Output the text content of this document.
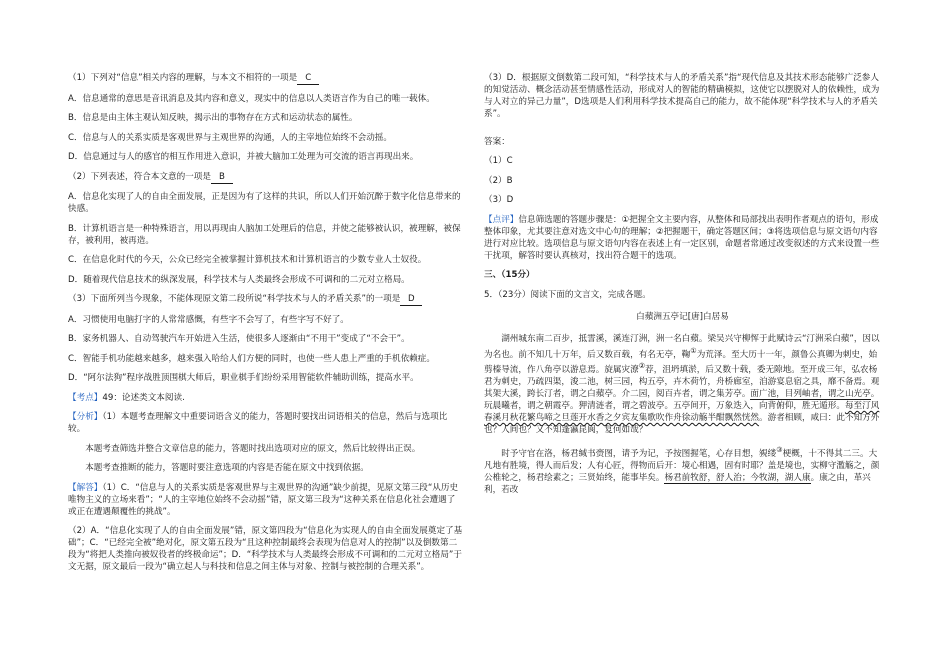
（1）下列对“信息”相关内容的理解，与本文不相符的一项是 C

A．信息通常的意思是音讯消息及其内容和意义，现实中的信息以人类语言作为自己的唯一载体。

B．信息是由主体主观认知反映，揭示出的事物存在方式和运动状态的属性。

C．信息与人的关系实质是客观世界与主观世界的沟通，人的主宰地位始终不会动摇。

D．信息通过与人的感官的相互作用进入意识，并被大脑加工处理为可交流的语言再现出来。

（2）下列表述，符合本文意的一项是 B

A．信息化实现了人的自由全面发展，正是因为有了这样的共识，所以人们开始沉醉于数字化信息带来的快感。

B．计算机语言是一种特殊语言，用以再现由人脑加工处理后的信息，并使之能够被认识，被理解，被保存，被利用，被再造。

C．在信息化时代的今天，公众已经完全被掌握计算机技术和计算机语言的少数专业人士奴役。

D．随着现代信息技术的纵深发展，科学技术与人类最终会形成不可调和的二元对立格局。

（3）下面所列当今现象，不能体现原文第二段所说“科学技术与人的矛盾关系”的一项是 D

A．习惯使用电脑打字的人常常感慨，有些字不会写了，有些字写不好了。

B．家务机器人、自动驾驶汽车开始进入生活，使很多人逐渐由“不用干”变成了“不会干”。

C．智能手机功能越来越多，越来强入哈给人们方便的同时，也使一些人患上严重的手机依赖症。

D．“阿尔法狗”程序战胜顶围棋大师后，职业棋手们纷纷采用智能软件辅助训练，提高水平。

【考点】49：论述类文本阅读.

【分析】（1）本题考查理解文中重要词语含义的能力，答题时要找出词语相关的信息，然后与选项比较。

本题考查筛选并整合文章信息的能力，答题时找出选项对应的原文，然后比较得出正误。

本题考查推断的能力，答题时要注意选项的内容是否能在原文中找到依据。

【解答】（1）C．“信息与人的关系实质是客观世界与主观世界的沟通”缺少前提，见原文第三段“从历史唯物主义的立场来看”；“人的主宰地位始终不会动摇”错，原文第三段为“这种关系在信息化社会遭遇了或正在遭遇颠覆性的挑战”。

（2）A．“信息化实现了人的自由全面发展”错，原文第四段为“信息化为实现人的自由全面发展奠定了基础”；C．“已经完全被”绝对化，原文第五段为“且这种控制最终会表现为信息对人的控制”以及倒数第二段为“将把人类推向被奴役者的终极命运”；D．“科学技术与人类最终会形成不可调和的二元对立格局”于文无据，原文最后一段为“确立起人与科技和信息之间主体与对象、控制与被控制的合理关系”。

（3）D．根据原文倒数第二段可知，“科学技术与人的矛盾关系”指“现代信息及其技术形态能够广泛参人的知觉活动、概念活动甚至情感性活动，形成对人的智能的精确模拟，这使它以摆脱对人的依赖性，成为与人对立的异己力量”，D选项是人们利用科学技术提高自己的能力，故不能体现“科学技术与人的矛盾关系”。

答案：

（1）C

（2）B

（3）D

【点评】信息筛选题的答题步骤是：①把握全文主要内容，从整体和局部找出表明作者观点的语句，形成整体印象，尤其要注意对选文中心句的理解；②把握题干，确定答题区间；③将选项信息与原文语句内容进行对应比较。选项信息与原文语句内容在表述上有一定区别，命题者常通过改变叙述的方式来设置一些干扰项，解答时要认真核对，找出符合题干的选项。

三、（15分）

5．（23分）阅读下面的文言文，完成各题。

白蘋洲五亭记[唐]白居易

湖州城东南二百步，抵霅溪，溪连汀洲，洲一名白蘋。梁吴兴守柳恽于此赋诗云“汀洲采白蘋”，因以为名也。前不知几十万年，后又数百载，有名无亭，鞠①为荒泽。至大历十一年，颜鲁公真卿为刺史，始剪榛导流，作八角亭以游息焉。旋属灾潦②荐，沮坍填淤，后又数十载，委无隙地。至开成三年，弘农杨君为刺史，乃疏四渠，浚二池，树三园，构五亭，卉木荷竹，舟桥廊室，洎游宴息宿之具，靡不备焉。观其架大溪，跨长汀者，谓之白蘋亭。介二园，阅百卉者，谓之集芳亭。面广池，目列岫者，谓之山光亭。玩晨曦者，谓之朝霞亭。狎清涟者，谓之碧波亭。五亭间开，万象迭入，向背俯仰，胜无遁形。每至汀风春溪月秋花繁鸟啼之旦莲开水香之夕宾友集歌吹作舟徐动觞半酣飘然恍然。游者相顾，咸曰：此不知方外也？人间也？又不知蓬瀛昆阆，复何如哉？

时予守官在洛，杨君缄书赍图，请予为记，予按图握笔，心存目想，覙缕③梗概，十不得其二三。大凡地有胜境，得人而后发；人有心匠，得物而后开：境心相遇，固有时耶？盖是境也，实柳守濫觞之，颜公椎轮之，杨君绘素之；三贤始终，能事毕矣。杨君前牧舒，舒人治；今牧湖，湖人康。康之由，革兴利，若改
